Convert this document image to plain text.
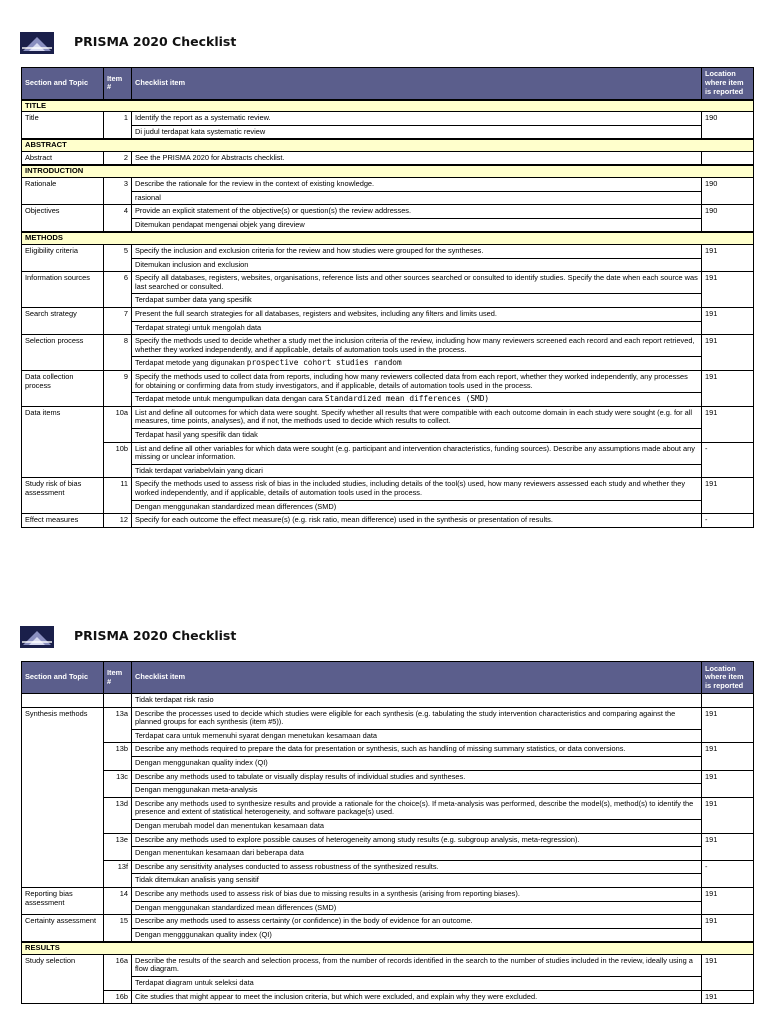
PRISMA 2020 Checklist
Section and Topic	Item #	Checklist item	Location where item is reported
TITLE			
Title	1	Identify the report as a systematic review.	190
		Di judul terdapat kata systematic review	
ABSTRACT			
Abstract	2	See the PRISMA 2020 for Abstracts checklist.	
INTRODUCTION			
Rationale	3	Describe the rationale for the review in the context of existing knowledge.	190
		rasional	
Objectives	4	Provide an explicit statement of the objective(s) or question(s) the review addresses.	190
		Ditemukan pendapat mengenai objek yang direview	
METHODS			
Eligibility criteria	5	Specify the inclusion and exclusion criteria for the review and how studies were grouped for the syntheses.	191
		Ditemukan inclusion and exclusion	
Information sources	6	Specify all databases, registers, websites, organisations, reference lists and other sources searched or consulted to identify studies. Specify the date when each source was last searched or consulted.	191
		Terdapat sumber data yang spesifik	
Search strategy	7	Present the full search strategies for all databases, registers and websites, including any filters and limits used.	191
		Terdapat strategi untuk mengolah data	
Selection process	8	Specify the methods used to decide whether a study met the inclusion criteria of the review, including how many reviewers screened each record and each report retrieved, whether they worked independently, and if applicable, details of automation tools used in the process.	191
		Terdapat metode yang digunakan prospective cohort studies random	
Data collection process	9	Specify the methods used to collect data from reports, including how many reviewers collected data from each report, whether they worked independently, any processes for obtaining or confirming data from study investigators, and if applicable, details of automation tools used in the process.	191
		Terdapat metode untuk mengumpulkan data dengan cara Standardized mean differences (SMD)	
Data items	10a	List and define all outcomes for which data were sought. Specify whether all results that were compatible with each outcome domain in each study were sought (e.g. for all measures, time points, analyses), and if not, the methods used to decide which results to collect.	191
		Terdapat hasil yang spesifik dan tidak	
	10b	List and define all other variables for which data were sought (e.g. participant and intervention characteristics, funding sources). Describe any assumptions made about any missing or unclear information.	-
		Tidak terdapat variabelvlain yang dicari	
Study risk of bias assessment	11	Specify the methods used to assess risk of bias in the included studies, including details of the tool(s) used, how many reviewers assessed each study and whether they worked independently, and if applicable, details of automation tools used in the process.	191
		Dengan menggunakan standardized mean differences (SMD)	
Effect measures	12	Specify for each outcome the effect measure(s) (e.g. risk ratio, mean difference) used in the synthesis or presentation of results.	-
PRISMA 2020 Checklist
Section and Topic	Item #	Checklist item	Location where item is reported
		Tidak terdapat risk rasio	
Synthesis methods	13a	Describe the processes used to decide which studies were eligible for each synthesis (e.g. tabulating the study intervention characteristics and comparing against the planned groups for each synthesis (item #5)).	191
		Terdapat cara untuk memenuhi syarat dengan menetukan kesamaan data	
	13b	Describe any methods required to prepare the data for presentation or synthesis, such as handling of missing summary statistics, or data conversions.	191
		Dengan menggunakan quality index (QI)	
	13c	Describe any methods used to tabulate or visually display results of individual studies and syntheses.	191
		Dengan menggunakan meta-analysis	
	13d	Describe any methods used to synthesize results and provide a rationale for the choice(s). If meta-analysis was performed, describe the model(s), method(s) to identify the presence and extent of statistical heterogeneity, and software package(s) used.	191
		Dengan merubah model dan menentukan kesamaan data	
	13e	Describe any methods used to explore possible causes of heterogeneity among study results (e.g. subgroup analysis, meta-regression).	191
		Dengan menentukan kesamaan dari beberapa data	
	13f	Describe any sensitivity analyses conducted to assess robustness of the synthesized results.	-
		Tidak ditemukan analisis yang sensitif	
Reporting bias assessment	14	Describe any methods used to assess risk of bias due to missing results in a synthesis (arising from reporting biases).	191
		Dengan menggunakan standardized mean differences (SMD)	
Certainty assessment	15	Describe any methods used to assess certainty (or confidence) in the body of evidence for an outcome.	191
		Dengan mengggunakan quality index (QI)	
RESULTS			
Study selection	16a	Describe the results of the search and selection process, from the number of records identified in the search to the number of studies included in the review, ideally using a flow diagram.	191
		Terdapat diagram untuk seleksi data	
	16b	Cite studies that might appear to meet the inclusion criteria, but which were excluded, and explain why they were excluded.	191
